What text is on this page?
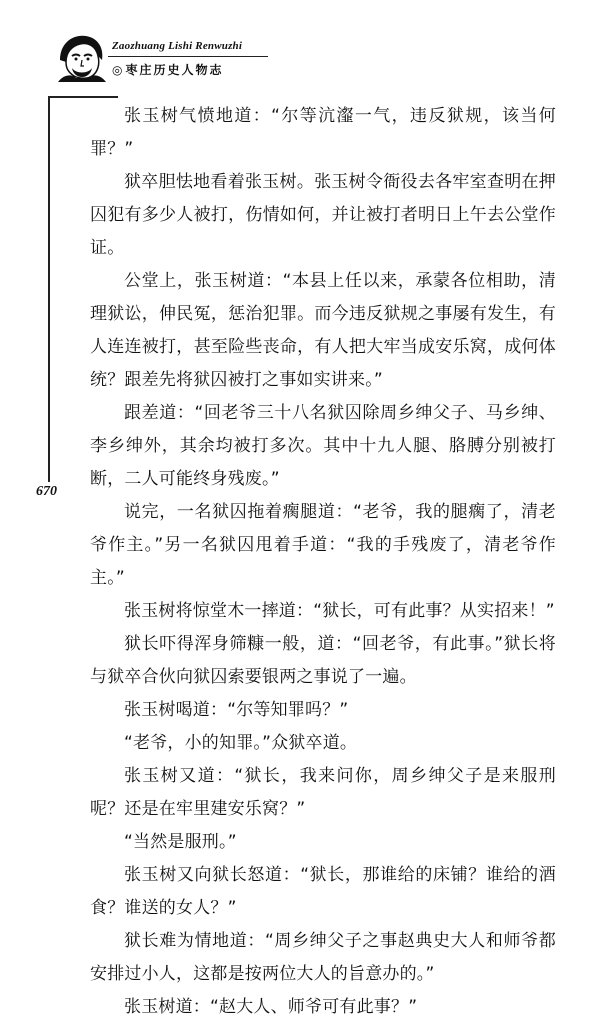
Zaozhuang Lishi Renwuzhi
◎ 枣庄历史人物志
670

张玉树气愤地道：“尔等沆瀣一气，违反狱规，该当何罪？”

狱卒胆怯地看着张玉树。张玉树令衙役去各牢室查明在押囚犯有多少人被打，伤情如何，并让被打者明日上午去公堂作证。

公堂上，张玉树道：“本县上任以来，承蒙各位相助，清理狱讼，伸民冤，惩治犯罪。而今违反狱规之事屡有发生，有人连连被打，甚至险些丧命，有人把大牢当成安乐窝，成何体统？跟差先将狱囚被打之事如实讲来。”

跟差道：“回老爷三十八名狱囚除周乡绅父子、马乡绅、李乡绅外，其余均被打多次。其中十九人腿、胳膊分别被打断，二人可能终身残废。”

说完，一名狱囚拖着瘸腿道：“老爷，我的腿瘸了，清老爷作主。”另一名狱囚甩着手道：“我的手残废了，清老爷作主。”

张玉树将惊堂木一摔道：“狱长，可有此事？从实招来！”

狱长吓得浑身筛糠一般，道：“回老爷，有此事。”狱长将与狱卒合伙向狱囚索要银两之事说了一遍。

张玉树喝道：“尔等知罪吗？”

“老爷，小的知罪。”众狱卒道。

张玉树又道：“狱长，我来问你，周乡绅父子是来服刑呢？还是在牢里建安乐窝？”

“当然是服刑。”

张玉树又向狱长怒道：“狱长，那谁给的床铺？谁给的酒食？谁送的女人？”

狱长难为情地道：“周乡绅父子之事赵典史大人和师爷都安排过小人，这都是按两位大人的旨意办的。”

张玉树道：“赵大人、师爷可有此事？”
